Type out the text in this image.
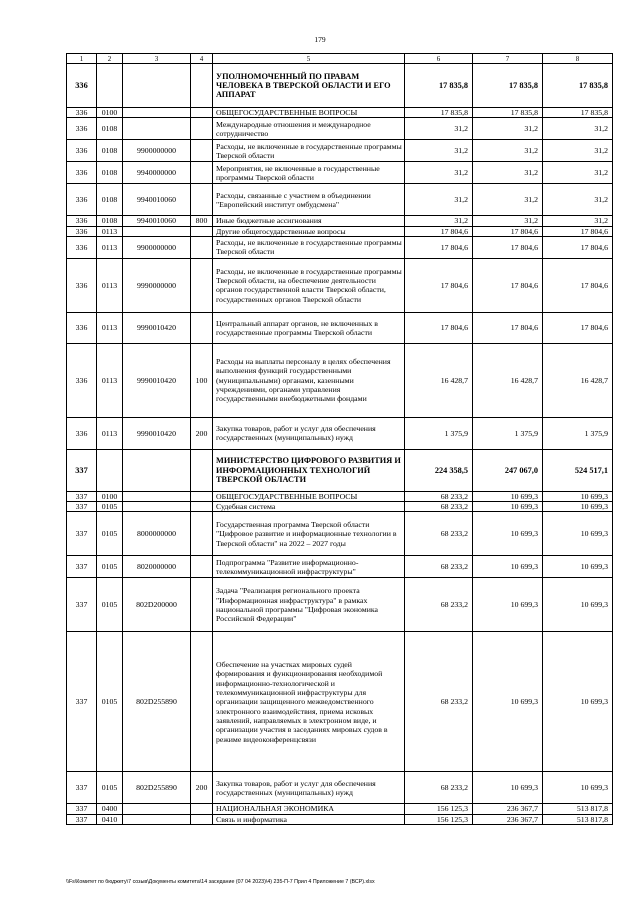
179
1	2	3	4	5	6	7	8
336				УПОЛНОМОЧЕННЫЙ ПО ПРАВАМ ЧЕЛОВЕКА В ТВЕРСКОЙ ОБЛАСТИ И ЕГО АППАРАТ	17 835,8	17 835,8	17 835,8
336	0100			ОБЩЕГОСУДАРСТВЕННЫЕ ВОПРОСЫ	17 835,8	17 835,8	17 835,8
336	0108			Международные отношения и международное сотрудничество	31,2	31,2	31,2
336	0108	9900000000		Расходы, не включенные в государственные программы Тверской области	31,2	31,2	31,2
336	0108	9940000000		Мероприятия, не включенные в государственные программы Тверской области	31,2	31,2	31,2
336	0108	9940010060		Расходы, связанные с участием в объединении "Европейский институт омбудсмена"	31,2	31,2	31,2
336	0108	9940010060	800	Иные бюджетные ассигнования	31,2	31,2	31,2
336	0113			Другие общегосударственные вопросы	17 804,6	17 804,6	17 804,6
336	0113	9900000000		Расходы, не включенные в государственные программы Тверской области	17 804,6	17 804,6	17 804,6
336	0113	9990000000		Расходы, не включенные в государственные программы Тверской области, на обеспечение деятельности органов государственной власти Тверской области, государственных органов Тверской области	17 804,6	17 804,6	17 804,6
336	0113	9990010420		Центральный аппарат органов, не включенных в государственные программы Тверской области	17 804,6	17 804,6	17 804,6
336	0113	9990010420	100	Расходы на выплаты персоналу в целях обеспечения выполнения функций государственными (муниципальными) органами, казенными учреждениями, органами управления государственными внебюджетными фондами	16 428,7	16 428,7	16 428,7
336	0113	9990010420	200	Закупка товаров, работ и услуг для обеспечения государственных (муниципальных) нужд	1 375,9	1 375,9	1 375,9
337				МИНИСТЕРСТВО ЦИФРОВОГО РАЗВИТИЯ И ИНФОРМАЦИОННЫХ ТЕХНОЛОГИЙ ТВЕРСКОЙ ОБЛАСТИ	224 358,5	247 067,0	524 517,1
337	0100			ОБЩЕГОСУДАРСТВЕННЫЕ ВОПРОСЫ	68 233,2	10 699,3	10 699,3
337	0105			Судебная система	68 233,2	10 699,3	10 699,3
337	0105	8000000000		Государственная программа Тверской области "Цифровое развитие и информационные технологии в Тверской области" на 2022 – 2027 годы	68 233,2	10 699,3	10 699,3
337	0105	8020000000		Подпрограмма "Развитие информационно-телекоммуникационной инфраструктуры"	68 233,2	10 699,3	10 699,3
337	0105	802D200000		Задача "Реализация регионального проекта "Информационная инфраструктура" в рамках национальной программы "Цифровая экономика Российской Федерации"	68 233,2	10 699,3	10 699,3
337	0105	802D255890		Обеспечение на участках мировых судей формирования и функционирования необходимой информационно-технологической и телекоммуникационной инфраструктуры для организации защищенного межведомственного электронного взаимодействия, приема исковых заявлений, направляемых в электронном виде, и организации участия в заседаниях мировых судов в режиме видеоконференцсвязи	68 233,2	10 699,3	10 699,3
337	0105	802D255890	200	Закупка товаров, работ и услуг для обеспечения государственных (муниципальных) нужд	68 233,2	10 699,3	10 699,3
337	0400			НАЦИОНАЛЬНАЯ ЭКОНОМИКА	156 125,3	236 367,7	513 817,8
337	0410			Связь и информатика	156 125,3	236 367,7	513 817,8
\\Fs\Комитет по бюджету\7 созыв\Документы комитета\14 заседание (07 04 2023)\4) 235-П-7 Прил 4 Приложение 7 (ВСР).xlsx
